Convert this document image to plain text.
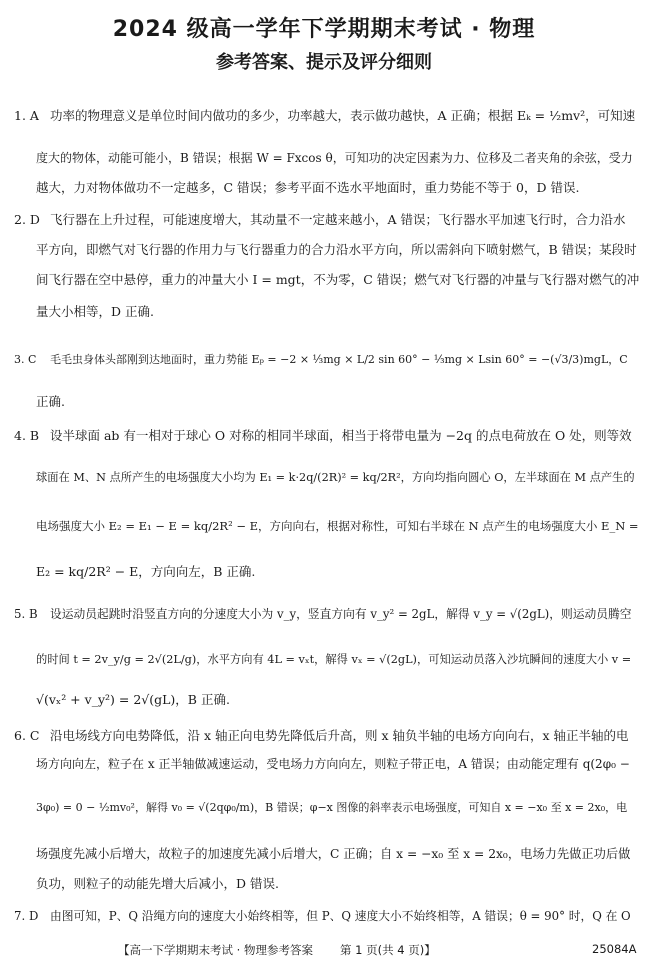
2024 级高一学年下学期期末考试 · 物理
参考答案、提示及评分细则
1. A 功率的物理意义是单位时间内做功的多少，功率越大，表示做功越快，A 正确；根据 Eₖ = ½mv²，可知速
度大的物体，动能可能小，B 错误；根据 W = Fxcos θ，可知功的决定因素为力、位移及二者夹角的余弦，受力
越大，力对物体做功不一定越多，C 错误；参考平面不选水平地面时，重力势能不等于 0，D 错误.
2. D 飞行器在上升过程，可能速度增大，其动量不一定越来越小，A 错误；飞行器水平加速飞行时，合力沿水
平方向，即燃气对飞行器的作用力与飞行器重力的合力沿水平方向，所以需斜向下喷射燃气，B 错误；某段时
间飞行器在空中悬停，重力的冲量大小 I = mgt，不为零，C 错误；燃气对飞行器的冲量与飞行器对燃气的冲
量大小相等，D 正确.
3. C 毛毛虫身体头部刚到达地面时，重力势能 Eₚ = −2 × ⅓mg × L/2 sin 60° − ⅓mg × Lsin 60° = −(√3/3)mgL，C
正确.
4. B 设半球面 ab 有一相对于球心 O 对称的相同半球面，相当于将带电量为 −2q 的点电荷放在 O 处，则等效
球面在 M、N 点所产生的电场强度大小均为 E₁ = k·2q/(2R)² = kq/2R²，方向均指向圆心 O，左半球面在 M 点产生的
电场强度大小 E₂ = E₁ − E = kq/2R² − E，方向向右，根据对称性，可知右半球在 N 点产生的电场强度大小 E_N =
E₂ = kq/2R² − E，方向向左，B 正确.
5. B 设运动员起跳时沿竖直方向的分速度大小为 v_y，竖直方向有 v_y² = 2gL，解得 v_y = √(2gL)，则运动员腾空
的时间 t = 2v_y/g = 2√(2L/g)，水平方向有 4L = vₓt，解得 vₓ = √(2gL)，可知运动员落入沙坑瞬间的速度大小 v =
√(vₓ² + v_y²) = 2√(gL)，B 正确.
6. C 沿电场线方向电势降低，沿 x 轴正向电势先降低后升高，则 x 轴负半轴的电场方向向右，x 轴正半轴的电
场方向向左，粒子在 x 正半轴做减速运动，受电场力方向向左，则粒子带正电，A 错误；由动能定理有 q(2φ₀ −
3φ₀) = 0 − ½mv₀²，解得 v₀ = √(2qφ₀/m)，B 错误；φ−x 图像的斜率表示电场强度，可知自 x = −x₀ 至 x = 2x₀，电
场强度先减小后增大，故粒子的加速度先减小后增大，C 正确；自 x = −x₀ 至 x = 2x₀，电场力先做正功后做
负功，则粒子的动能先增大后减小，D 错误.
7. D 由图可知，P、Q 沿绳方向的速度大小始终相等，但 P、Q 速度大小不始终相等，A 错误；θ = 90° 时，Q 在 O
【高一下学期期末考试 · 物理参考答案 第 1 页(共 4 页)】	25084A
